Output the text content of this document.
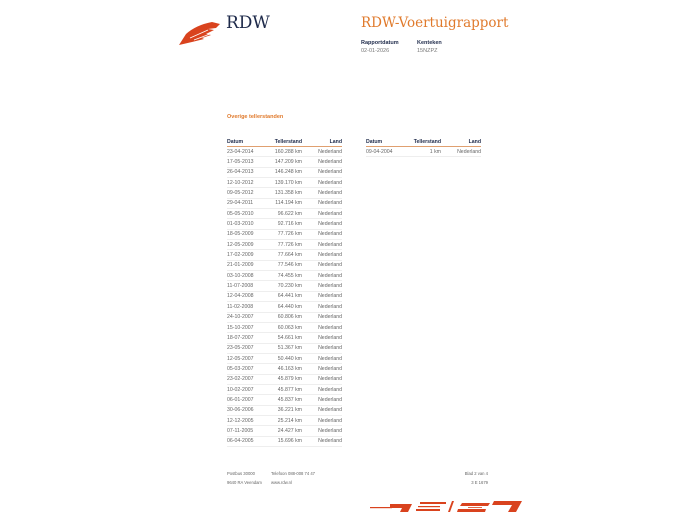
RDW	RDW-Voertuigrapport
Rapportdatum
02-01-2026
Kenteken
15NZPZ
Overige tellerstanden
Datum	Tellerstand	Land
23-04-2014	160.288 km	Nederland
17-05-2013	147.209 km	Nederland
26-04-2013	146.248 km	Nederland
12-10-2012	139.170 km	Nederland
09-05-2012	131.358 km	Nederland
29-04-2011	114.194 km	Nederland
05-05-2010	96.622 km	Nederland
01-03-2010	92.716 km	Nederland
18-05-2009	77.726 km	Nederland
12-05-2009	77.726 km	Nederland
17-02-2009	77.664 km	Nederland
21-01-2009	77.546 km	Nederland
03-10-2008	74.455 km	Nederland
11-07-2008	70.230 km	Nederland
12-04-2008	64.441 km	Nederland
11-02-2008	64.440 km	Nederland
24-10-2007	60.806 km	Nederland
15-10-2007	60.063 km	Nederland
18-07-2007	54.661 km	Nederland
23-05-2007	51.367 km	Nederland
12-05-2007	50.440 km	Nederland
05-03-2007	46.163 km	Nederland
23-02-2007	45.879 km	Nederland
10-02-2007	45.877 km	Nederland
06-01-2007	45.837 km	Nederland
30-06-2006	36.221 km	Nederland
12-12-2005	25.214 km	Nederland
07-11-2005	24.427 km	Nederland
06-04-2005	15.696 km	Nederland
Datum	Tellerstand	Land
09-04-2004	1 km	Nederland
Postbus 30000
9640 RA Veendam
Telefoon 088-008 74 47
www.rdw.nl
Blad 2 van 4
3 E 1679
